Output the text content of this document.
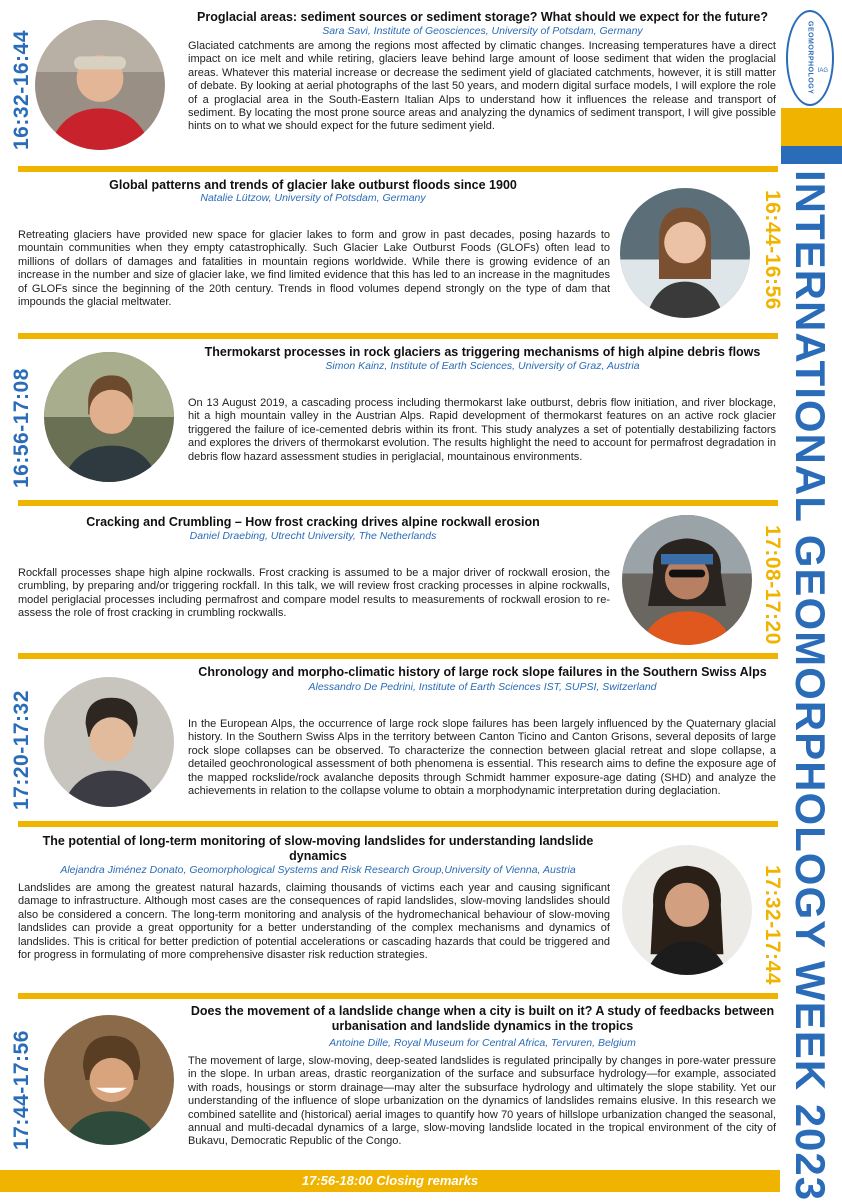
GEOMORPHOLOGY IAG
INTERNATIONAL GEOMORPHOLOGY WEEK 2023
16:32-16:44
Proglacial areas: sediment sources or sediment storage? What should we expect for the future?
Sara Savi, Institute of Geosciences, University of Potsdam, Germany
Glaciated catchments are among the regions most affected by climatic changes. Increasing temperatures have a direct impact on ice melt and while retiring, glaciers leave behind large amount of loose sediment that widen the proglacial areas. Whatever this material increase or decrease the sediment yield of glaciated catchments, however, it is still matter of debate. By looking at aerial photographs of the last 50 years, and modern digital surface models, I will explore the role of a proglacial area in the South-Eastern Italian Alps to understand how it influences the release and transport of sediment. By locating the most prone source areas and analyzing the dynamics of sediment transport, I will give possible hints on to what we should expect for the future sediment yield.
Global patterns and trends of glacier lake outburst floods since 1900
Natalie Lützow, University of Potsdam, Germany
Retreating glaciers have provided new space for glacier lakes to form and grow in past decades, posing hazards to mountain communities when they empty catastrophically. Such Glacier Lake Outburst Foods (GLOFs) often lead to millions of dollars of damages and fatalities in mountain regions worldwide. While there is growing evidence of an increase in the number and size of glacier lake, we find limited evidence that this has led to an increase in the magnitudes of GLOFs since the beginning of the 20th century. Trends in flood volumes depend strongly on the type of dam that impounds the glacial meltwater.	16:44-16:56
16:56-17:08
Thermokarst processes in rock glaciers as triggering mechanisms of high alpine debris flows
Simon Kainz, Institute of Earth Sciences, University of Graz, Austria
On 13 August 2019, a cascading process including thermokarst lake outburst, debris flow initiation, and river blockage, hit a high mountain valley in the Austrian Alps. Rapid development of thermokarst features on an active rock glacier triggered the failure of ice-cemented debris within its front. This study analyzes a set of potentially destabilizing factors and explores the drivers of thermokarst evolution. The results highlight the need to account for permafrost degradation in debris flow hazard assessment studies in periglacial, mountainous environments.
Cracking and Crumbling – How frost cracking drives alpine rockwall erosion
Daniel Draebing, Utrecht University, The Netherlands
Rockfall processes shape high alpine rockwalls. Frost cracking is assumed to be a major driver of rockwall erosion, the crumbling, by preparing and/or triggering rockfall. In this talk, we will review frost cracking processes in alpine rockwalls, model periglacial processes including permafrost and compare model results to measurements of rockwall erosion to re-assess the role of frost cracking in crumbling rockwalls.	17:08-17:20
17:20-17:32
Chronology and morpho-climatic history of large rock slope failures in the Southern Swiss Alps
Alessandro De Pedrini, Institute of Earth Sciences IST, SUPSI, Switzerland
In the European Alps, the occurrence of large rock slope failures has been largely influenced by the Quaternary glacial history. In the Southern Swiss Alps in the territory between Canton Ticino and Canton Grisons, several deposits of large rock slope collapses can be observed. To characterize the connection between glacial retreat and slope collapse, a detailed geochronological assessment of both phenomena is essential. This research aims to define the exposure age of the mapped rockslide/rock avalanche deposits through Schmidt hammer exposure-age dating (SHD) and analyze the achievements in relation to the collapse volume to obtain a morphodynamic interpretation during deglaciation.
The potential of long-term monitoring of slow-moving landslides for understanding landslide dynamics
Alejandra Jiménez Donato, Geomorphological Systems and Risk Research Group,University of Vienna, Austria
Landslides are among the greatest natural hazards, claiming thousands of victims each year and causing significant damage to infrastructure. Although most cases are the consequences of rapid landslides, slow-moving landslides should also be considered a concern. The long-term monitoring and analysis of the hydromechanical behaviour of slow-moving landslides can provide a great opportunity for a better understanding of the complex mechanisms and dynamics of landslides. This is critical for better prediction of potential accelerations or cascading hazards that could be triggered and for progress in formulating of more comprehensive disaster risk reduction strategies.	17:32-17:44
17:44-17:56
Does the movement of a landslide change when a city is built on it? A study of feedbacks between urbanisation and landslide dynamics in the tropics
Antoine Dille, Royal Museum for Central Africa, Tervuren, Belgium
The movement of large, slow-moving, deep-seated landslides is regulated principally by changes in pore-water pressure in the slope. In urban areas, drastic reorganization of the surface and subsurface hydrology—for example, associated with roads, housings or storm drainage—may alter the subsurface hydrology and ultimately the slope stability. Yet our understanding of the influence of slope urbanization on the dynamics of landslides remains elusive. In this research we combined satellite and (historical) aerial images to quantify how 70 years of hillslope urbanization changed the seasonal, annual and multi-decadal dynamics of a large, slow-moving landslide located in the tropical environment of the city of Bukavu, Democratic Republic of the Congo.
17:56-18:00 Closing remarks
